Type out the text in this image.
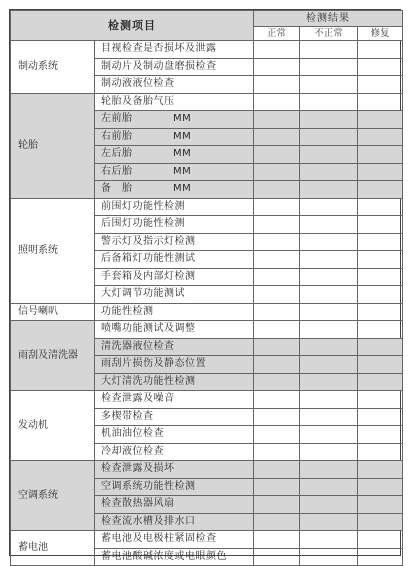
检测项目		检测结果		
		正常	不正常	修复
制动系统	目视检查是否损坏及泄露			
	制动片及制动盘磨损检查			
	制动液液位检查			
轮胎	轮胎及备胎气压			
	左前胎 MM			
	右前胎 MM			
	左后胎 MM			
	右后胎 MM			
	备　胎 MM			
照明系统	前围灯功能性检测			
	后围灯功能性检测			
	警示灯及指示灯检测			
	后备箱灯功能性测试			
	手套箱及内部灯检测			
	大灯调节功能测试			
信号喇叭	功能性检测			
雨刮及清洗器	喷嘴功能测试及调整			
	清洗器液位检查			
	雨刮片损伤及静态位置			
	大灯清洗功能性检测			
发动机	检查泄露及噪音			
	多楔带检查			
	机油油位检查			
	冷却液位检查			
空调系统	检查泄露及损坏			
	空调系统功能性检测			
	检查散热器风扇			
	检查流水槽及排水口			
蓄电池	蓄电池及电极柱紧固检查			
	蓄电池酸碱浓度或电眼颜色			
